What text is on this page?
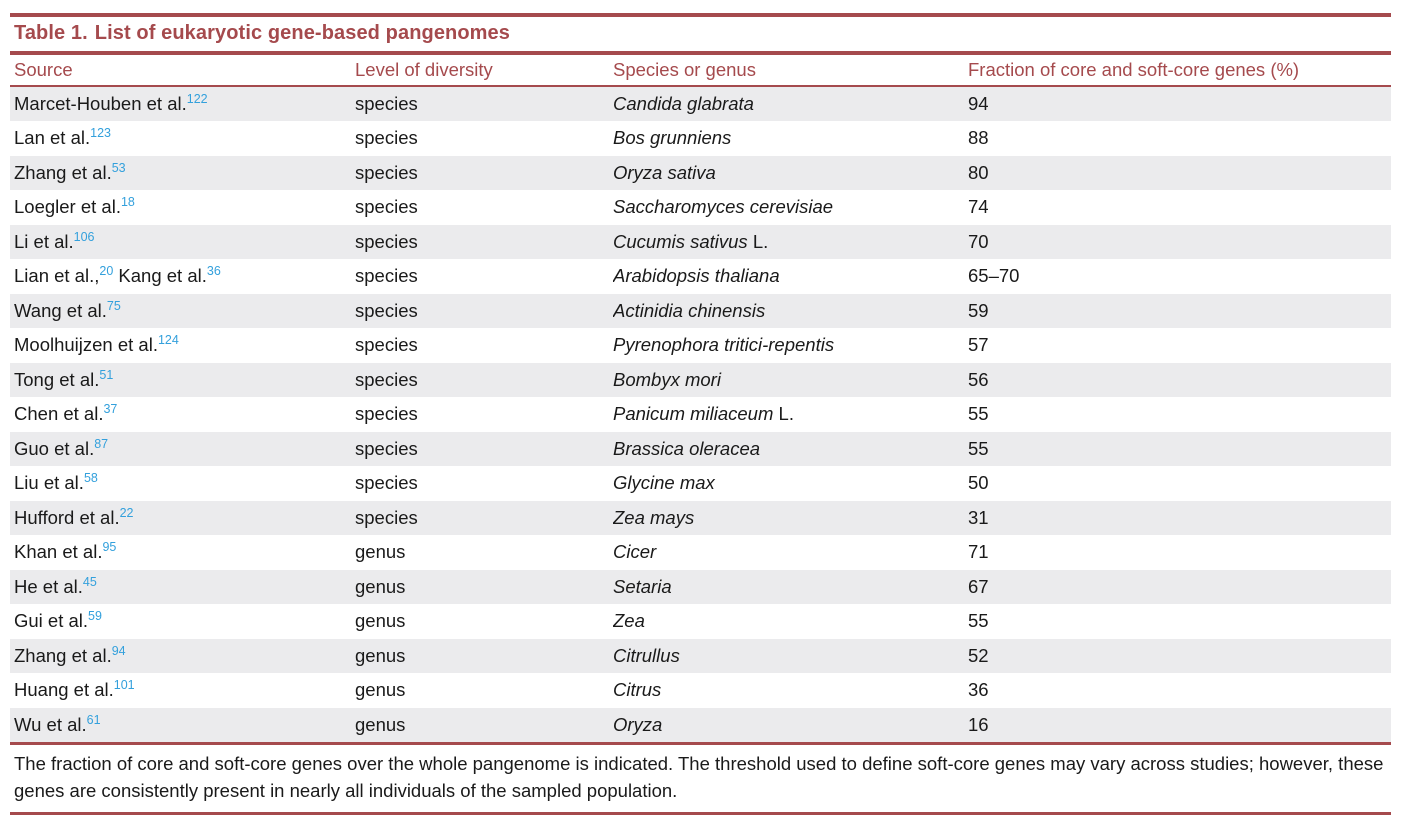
Table 1. List of eukaryotic gene-based pangenomes
Source	Level of diversity	Species or genus	Fraction of core and soft-core genes (%)
Marcet-Houben et al.$^{122}$	species	Candida glabrata	94
Lan et al.$^{123}$	species	Bos grunniens	88
Zhang et al.$^{53}$	species	Oryza sativa	80
Loegler et al.$^{18}$	species	Saccharomyces cerevisiae	74
Li et al.$^{106}$	species	Cucumis sativus L.	70
Lian et al.,$^{20}$ Kang et al.$^{36}$	species	Arabidopsis thaliana	65–70
Wang et al.$^{75}$	species	Actinidia chinensis	59
Moolhuijzen et al.$^{124}$	species	Pyrenophora tritici-repentis	57
Tong et al.$^{51}$	species	Bombyx mori	56
Chen et al.$^{37}$	species	Panicum miliaceum L.	55
Guo et al.$^{87}$	species	Brassica oleracea	55
Liu et al.$^{58}$	species	Glycine max	50
Hufford et al.$^{22}$	species	Zea mays	31
Khan et al.$^{95}$	genus	Cicer	71
He et al.$^{45}$	genus	Setaria	67
Gui et al.$^{59}$	genus	Zea	55
Zhang et al.$^{94}$	genus	Citrullus	52
Huang et al.$^{101}$	genus	Citrus	36
Wu et al.$^{61}$	genus	Oryza	16
The fraction of core and soft-core genes over the whole pangenome is indicated. The threshold used to define soft-core genes may vary across studies; however, these genes are consistently present in nearly all individuals of the sampled population.
